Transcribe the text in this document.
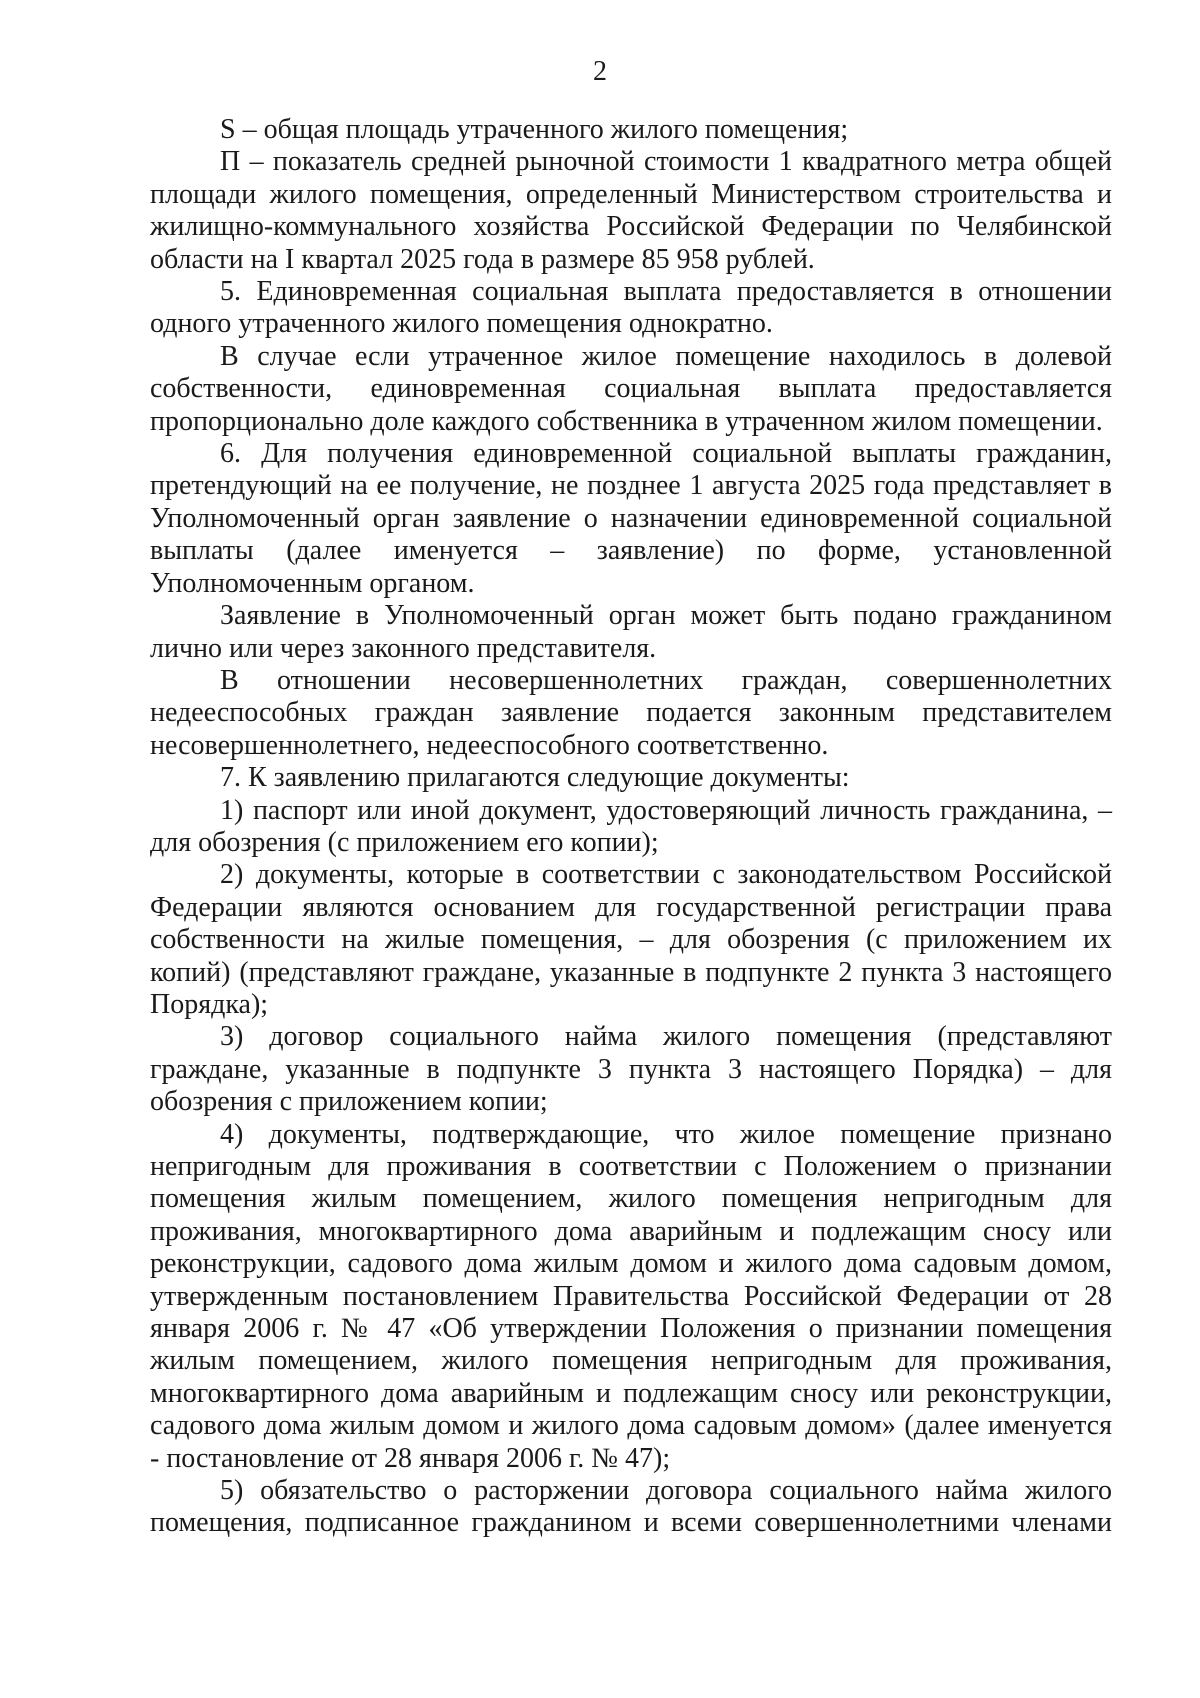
2

S – общая площадь утраченного жилого помещения;

П – показатель средней рыночной стоимости 1 квадратного метра общей площади жилого помещения, определенный Министерством строительства и жилищно-коммунального хозяйства Российской Федерации по Челябинской области на I квартал 2025 года в размере 85 958 рублей.

5. Единовременная социальная выплата предоставляется в отношении одного утраченного жилого помещения однократно.

В случае если утраченное жилое помещение находилось в долевой собственности, единовременная социальная выплата предоставляется пропорционально доле каждого собственника в утраченном жилом помещении.

6. Для получения единовременной социальной выплаты гражданин, претендующий на ее получение, не позднее 1 августа 2025 года представляет в Уполномоченный орган заявление о назначении единовременной социальной выплаты (далее именуется – заявление) по форме, установленной Уполномоченным органом.

Заявление в Уполномоченный орган может быть подано гражданином лично или через законного представителя.

В отношении несовершеннолетних граждан, совершеннолетних недееспособных граждан заявление подается законным представителем несовершеннолетнего, недееспособного соответственно.

7. К заявлению прилагаются следующие документы:

1) паспорт или иной документ, удостоверяющий личность гражданина, – для обозрения (с приложением его копии);

2) документы, которые в соответствии с законодательством Российской Федерации являются основанием для государственной регистрации права собственности на жилые помещения, – для обозрения (с приложением их копий) (представляют граждане, указанные в подпункте 2 пункта 3 настоящего Порядка);

3) договор социального найма жилого помещения (представляют граждане, указанные в подпункте 3 пункта 3 настоящего Порядка) – для обозрения с приложением копии;

4) документы, подтверждающие, что жилое помещение признано непригодным для проживания в соответствии с Положением о признании помещения жилым помещением, жилого помещения непригодным для проживания, многоквартирного дома аварийным и подлежащим сносу или реконструкции, садового дома жилым домом и жилого дома садовым домом, утвержденным постановлением Правительства Российской Федерации от 28 января 2006 г. № 47 «Об утверждении Положения о признании помещения жилым помещением, жилого помещения непригодным для проживания, многоквартирного дома аварийным и подлежащим сносу или реконструкции, садового дома жилым домом и жилого дома садовым домом» (далее именуется - постановление от 28 января 2006 г. № 47);

5) обязательство о расторжении договора социального найма жилого помещения, подписанное гражданином и всеми совершеннолетними членами
